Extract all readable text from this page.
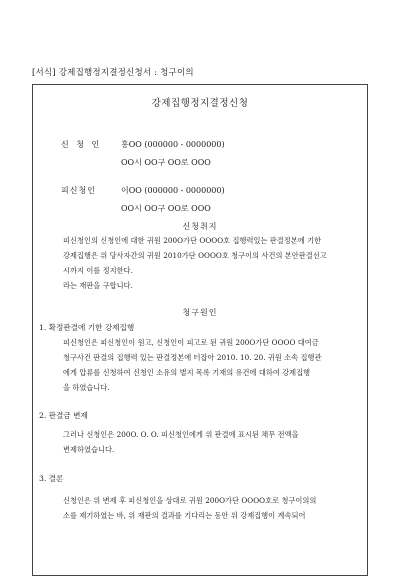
[서식] 강제집행정지결정신청서 : 청구이의
강제집행정지결정신청
신 청 인 홍OO (000000 - 0000000)
OO시 OO구 OO로 OOO
피신청인	이OO (000000 - 0000000)
OO시 OO구 OO로 OOO
신청취지
피신청인의 신청인에 대한 귀원 200O가단 OOOO호 집행력있는 판결정본에 기한
강제집행은 위 당사자간의 귀원 2010가단 OOOO호 청구이의 사건의 본안판결선고
시까지 이를 정지한다.
라는 재판을 구합니다.
청구원인
1. 확정판결에 기한 강제집행
피신청인은 피신청인이 원고, 신청인이 피고로 된 귀원 200O가단 OOOO 대여금
청구사건 판결의 집행력 있는 판결정본에 터잡아 2010. 10. 20. 귀원 소속 집행관
에게 압류를 신청하여 신청인 소유의 별지 목록 기재의 유건에 대하여 강제집행
을 하였습니다.
2. 판결금 변제
그러나 신청인은 200O. O. O. 피신청인에게 위 판결에 표시된 채무 전액을
변제하였습니다.
3. 결론
신청인은 위 변제 후 피신청인을 상대로 귀원 200O가단 OOOO호로 청구이의의
소를 제기하였는 바, 위 재판의 결과를 기다리는 동안 위 강제집행이 계속되어
